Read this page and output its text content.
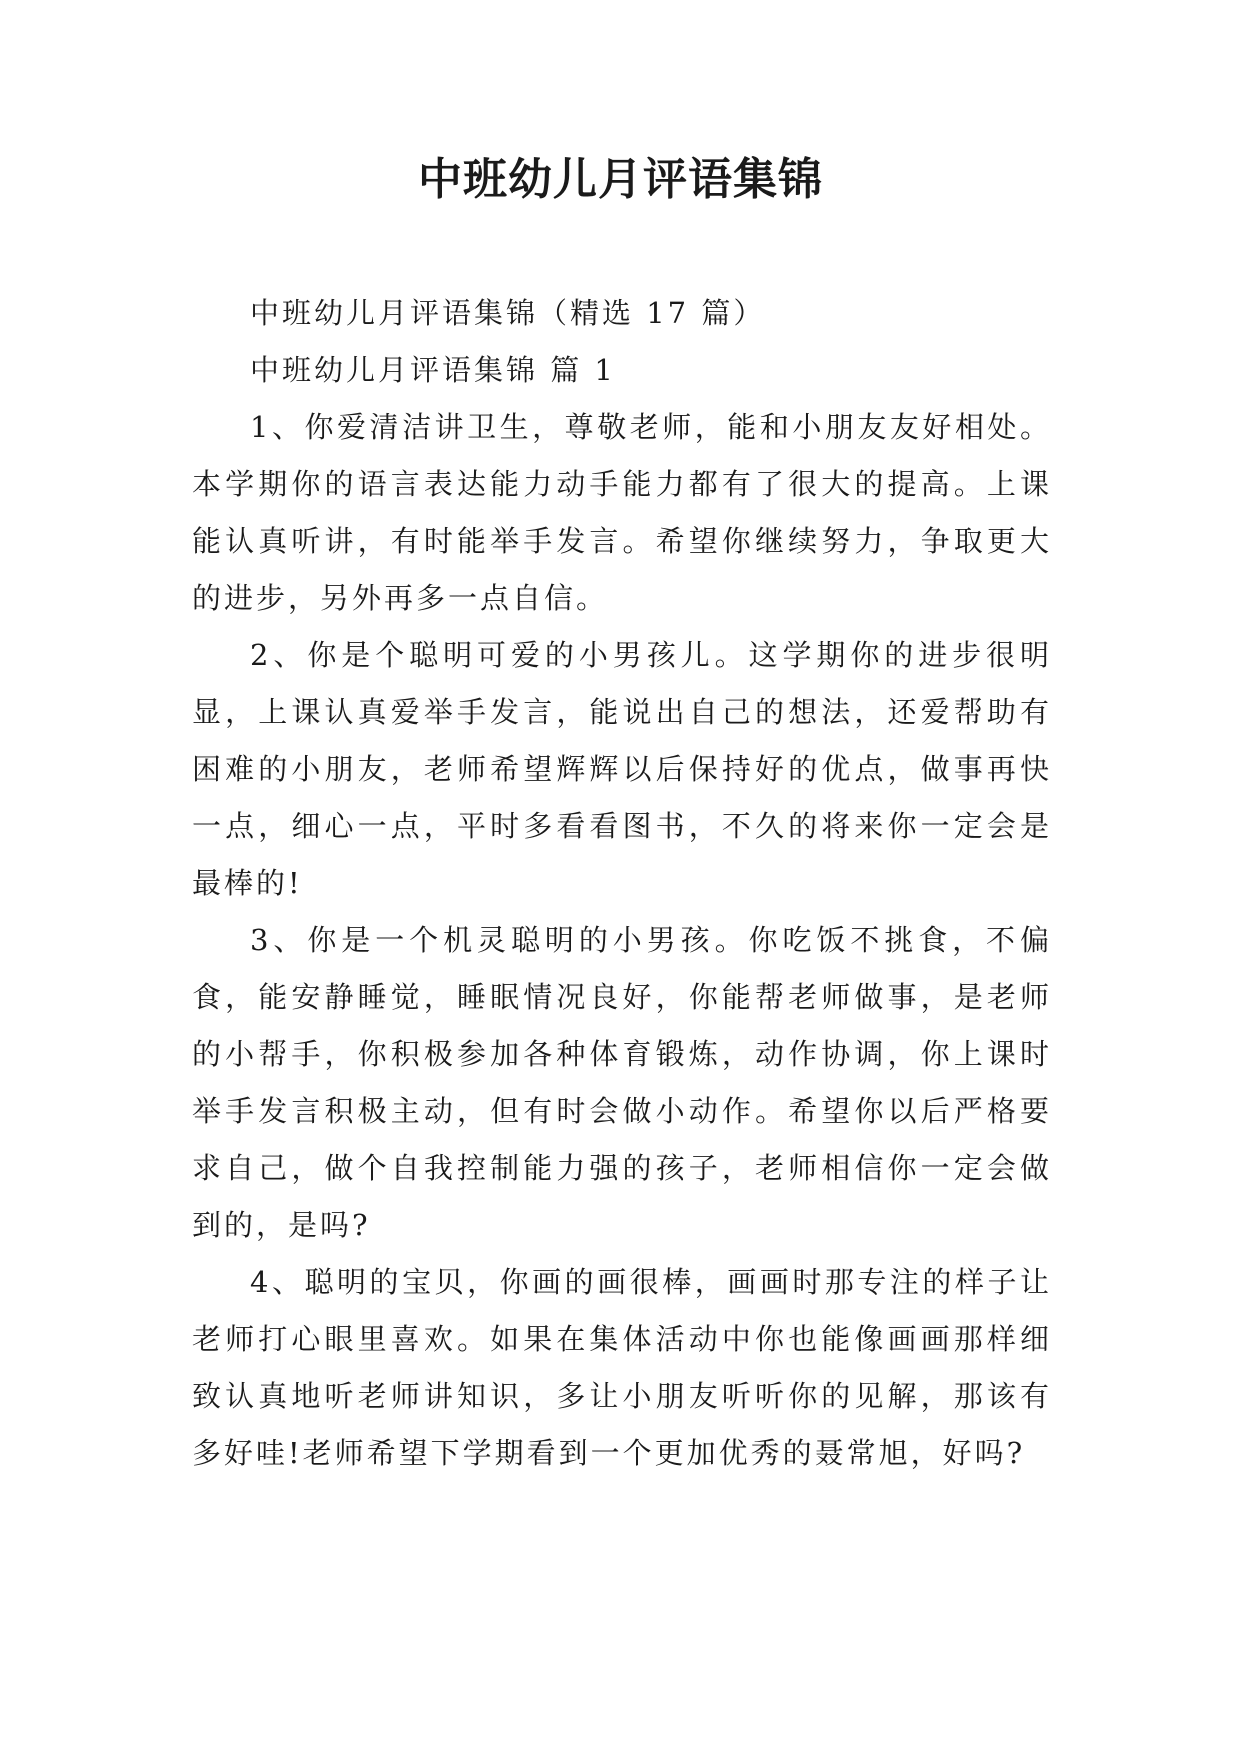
中班幼儿月评语集锦

中班幼儿月评语集锦（精选 17 篇）

中班幼儿月评语集锦 篇 1

1、你爱清洁讲卫生，尊敬老师，能和小朋友友好相处。本学期你的语言表达能力动手能力都有了很大的提高。上课能认真听讲，有时能举手发言。希望你继续努力，争取更大的进步，另外再多一点自信。

2、你是个聪明可爱的小男孩儿。这学期你的进步很明显，上课认真爱举手发言，能说出自己的想法，还爱帮助有困难的小朋友，老师希望辉辉以后保持好的优点，做事再快一点，细心一点，平时多看看图书，不久的将来你一定会是最棒的!

3、你是一个机灵聪明的小男孩。你吃饭不挑食，不偏食，能安静睡觉，睡眠情况良好，你能帮老师做事，是老师的小帮手，你积极参加各种体育锻炼，动作协调，你上课时举手发言积极主动，但有时会做小动作。希望你以后严格要求自己，做个自我控制能力强的孩子，老师相信你一定会做到的，是吗?

4、聪明的宝贝，你画的画很棒，画画时那专注的样子让老师打心眼里喜欢。如果在集体活动中你也能像画画那样细致认真地听老师讲知识，多让小朋友听听你的见解，那该有多好哇!老师希望下学期看到一个更加优秀的聂常旭，好吗?
